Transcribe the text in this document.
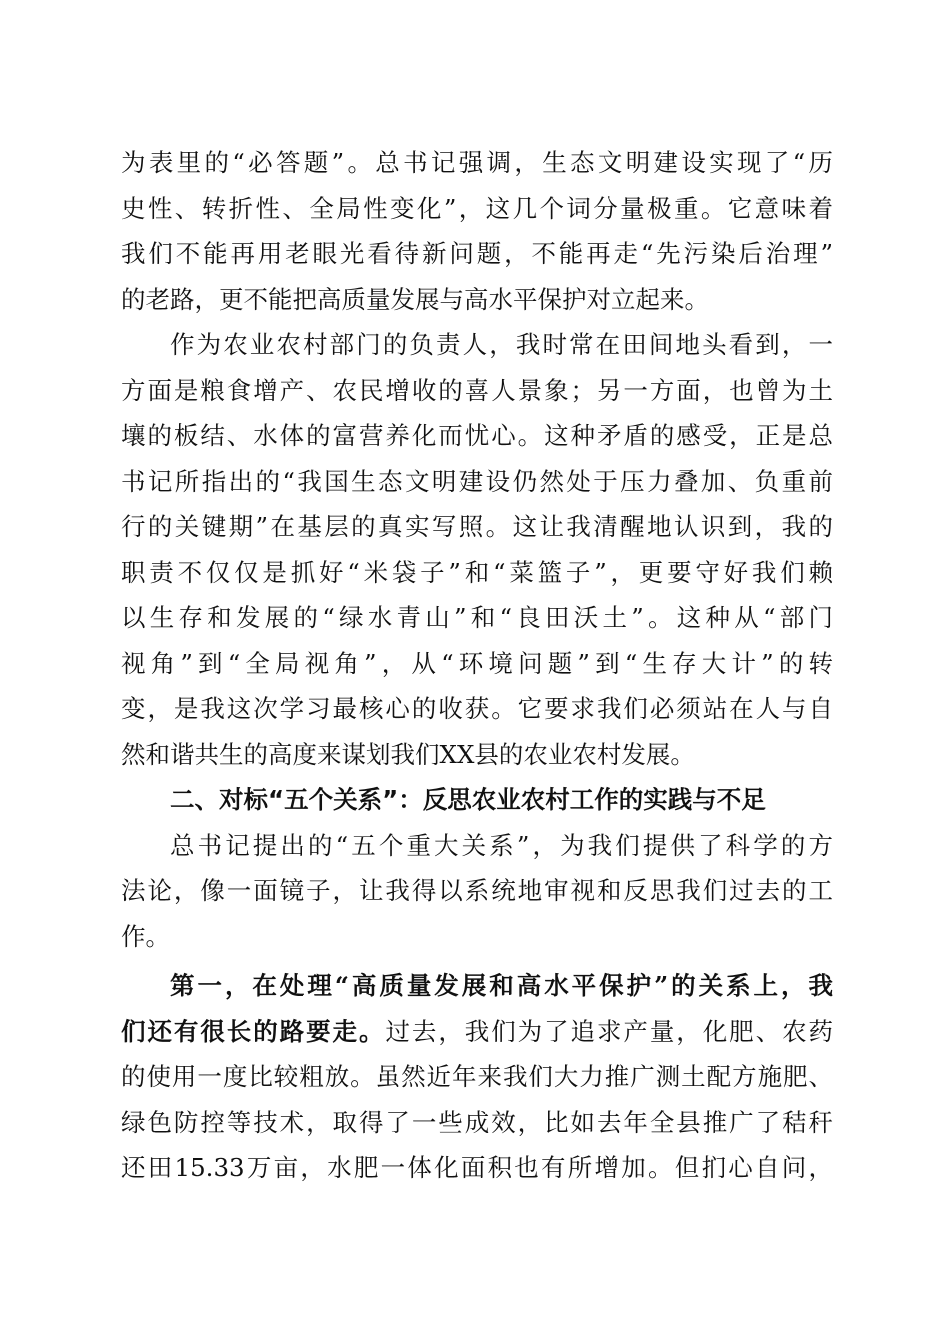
为表里的“必答题”。总书记强调，生态文明建设实现了“历
史性、转折性、全局性变化”，这几个词分量极重。它意味着
我们不能再用老眼光看待新问题，不能再走“先污染后治理”
的老路，更不能把高质量发展与高水平保护对立起来。
作为农业农村部门的负责人，我时常在田间地头看到，一
方面是粮食增产、农民增收的喜人景象；另一方面，也曾为土
壤的板结、水体的富营养化而忧心。这种矛盾的感受，正是总
书记所指出的“我国生态文明建设仍然处于压力叠加、负重前
行的关键期”在基层的真实写照。这让我清醒地认识到，我的
职责不仅仅是抓好“米袋子”和“菜篮子”，更要守好我们赖
以生存和发展的“绿水青山”和“良田沃土”。这种从“部门
视角”到“全局视角”，从“环境问题”到“生存大计”的转
变，是我这次学习最核心的收获。它要求我们必须站在人与自
然和谐共生的高度来谋划我们XX县的农业农村发展。
二、对标“五个关系”：反思农业农村工作的实践与不足
总书记提出的“五个重大关系”，为我们提供了科学的方
法论，像一面镜子，让我得以系统地审视和反思我们过去的工
作。
第一，在处理“高质量发展和高水平保护”的关系上，我
们还有很长的路要走。过去，我们为了追求产量，化肥、农药
的使用一度比较粗放。虽然近年来我们大力推广测土配方施肥、
绿色防控等技术，取得了一些成效，比如去年全县推广了秸秆
还田15.33万亩，水肥一体化面积也有所增加。但扪心自问，
